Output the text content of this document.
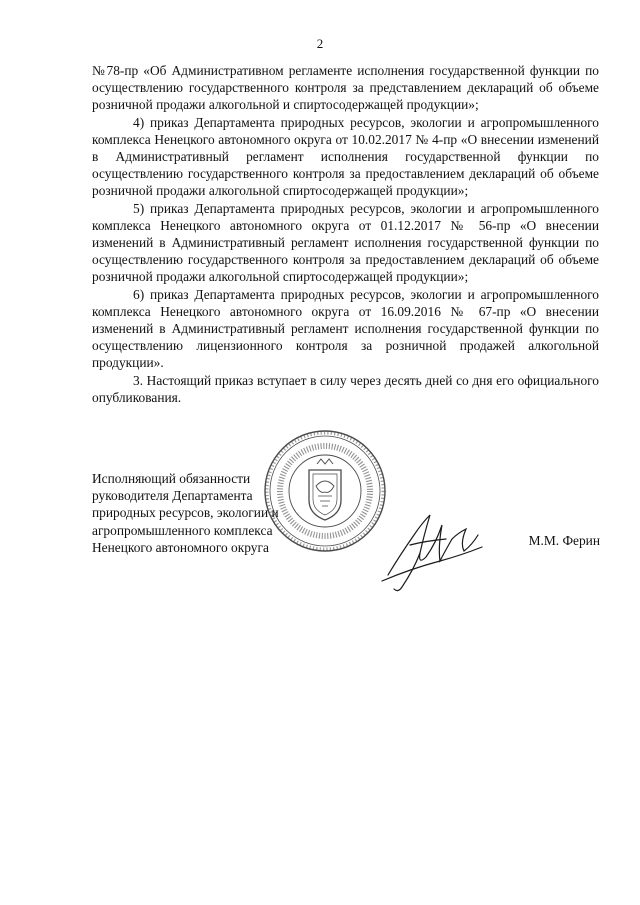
2

№78-пр «Об Административном регламенте исполнения государственной функции по осуществлению государственного контроля за представлением деклараций об объеме розничной продажи алкогольной и спиртосодержащей продукции»;

4) приказ Департамента природных ресурсов, экологии и агропромышленного комплекса Ненецкого автономного округа от 10.02.2017 № 4-пр «О внесении изменений в Административный регламент исполнения государственной функции по осуществлению государственного контроля за предоставлением деклараций об объеме розничной продажи алкогольной спиртосодержащей продукции»;

5) приказ Департамента природных ресурсов, экологии и агропромышленного комплекса Ненецкого автономного округа от 01.12.2017 № 56-пр «О внесении изменений в Административный регламент исполнения государственной функции по осуществлению государственного контроля за предоставлением деклараций об объеме розничной продажи алкогольной спиртосодержащей продукции»;

6) приказ Департамента природных ресурсов, экологии и агропромышленного комплекса Ненецкого автономного округа от 16.09.2016 № 67-пр «О внесении изменений в Административный регламент исполнения государственной функции по осуществлению лицензионного контроля за розничной продажей алкогольной продукции».

3. Настоящий приказ вступает в силу через десять дней со дня его официального опубликования.

Исполняющий обязанности
руководителя Департамента
природных ресурсов, экологии и
агропромышленного комплекса
Ненецкого автономного округа	М.М. Ферин
